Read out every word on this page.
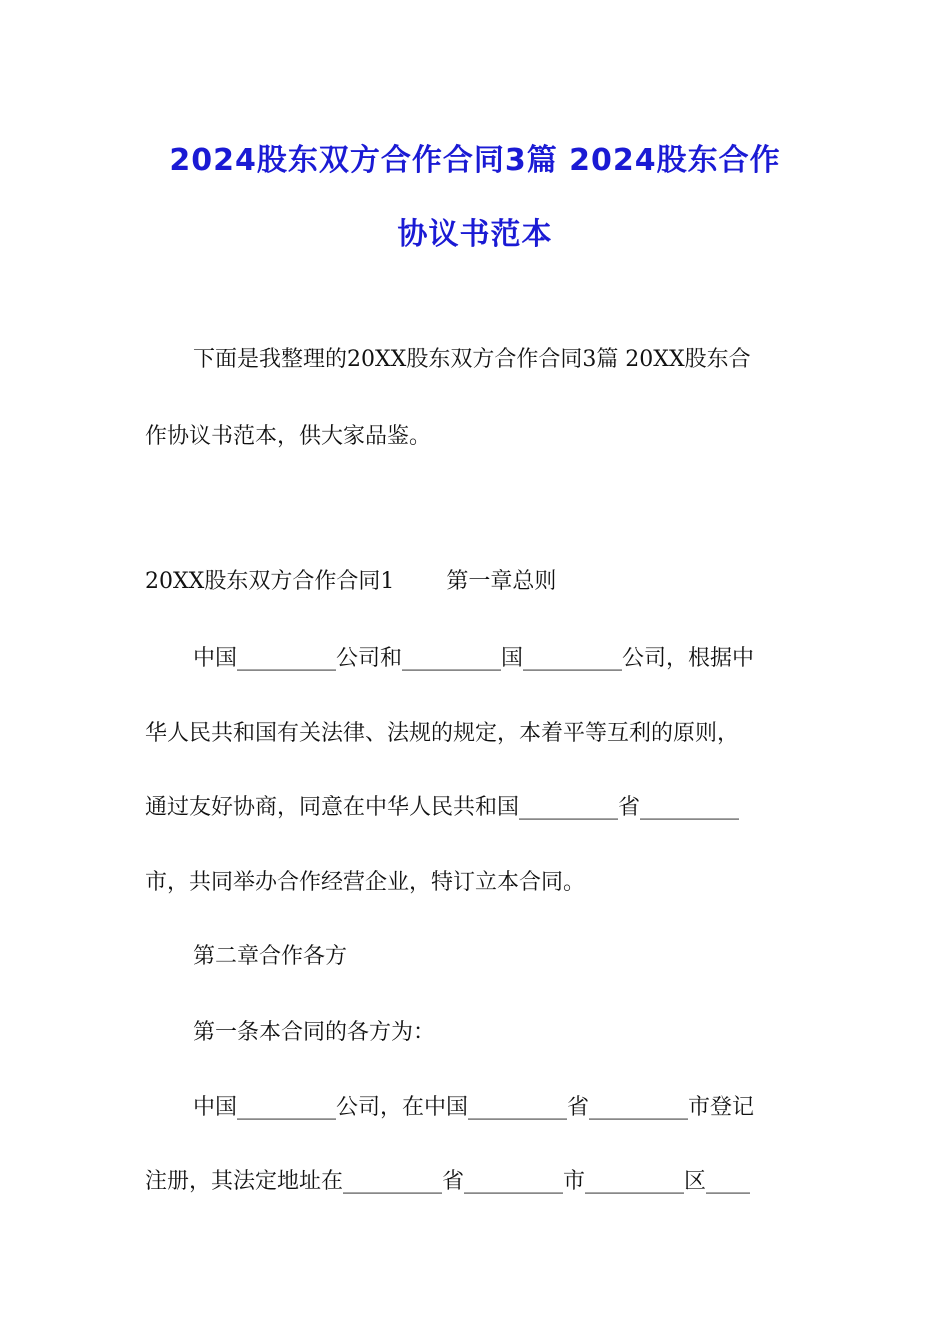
2024股东双方合作合同3篇 2024股东合作
协议书范本
下面是我整理的20XX股东双方合作合同3篇 20XX股东合
作协议书范本，供大家品鉴。
20XX股东双方合作合同1 第一章总则
中国_________公司和_________国_________公司，根据中
华人民共和国有关法律、法规的规定，本着平等互利的原则，
通过友好协商，同意在中华人民共和国_________省_________
市，共同举办合作经营企业，特订立本合同。
第二章合作各方
第一条本合同的各方为：
中国_________公司，在中国_________省_________市登记
注册，其法定地址在_________省_________市_________区____
